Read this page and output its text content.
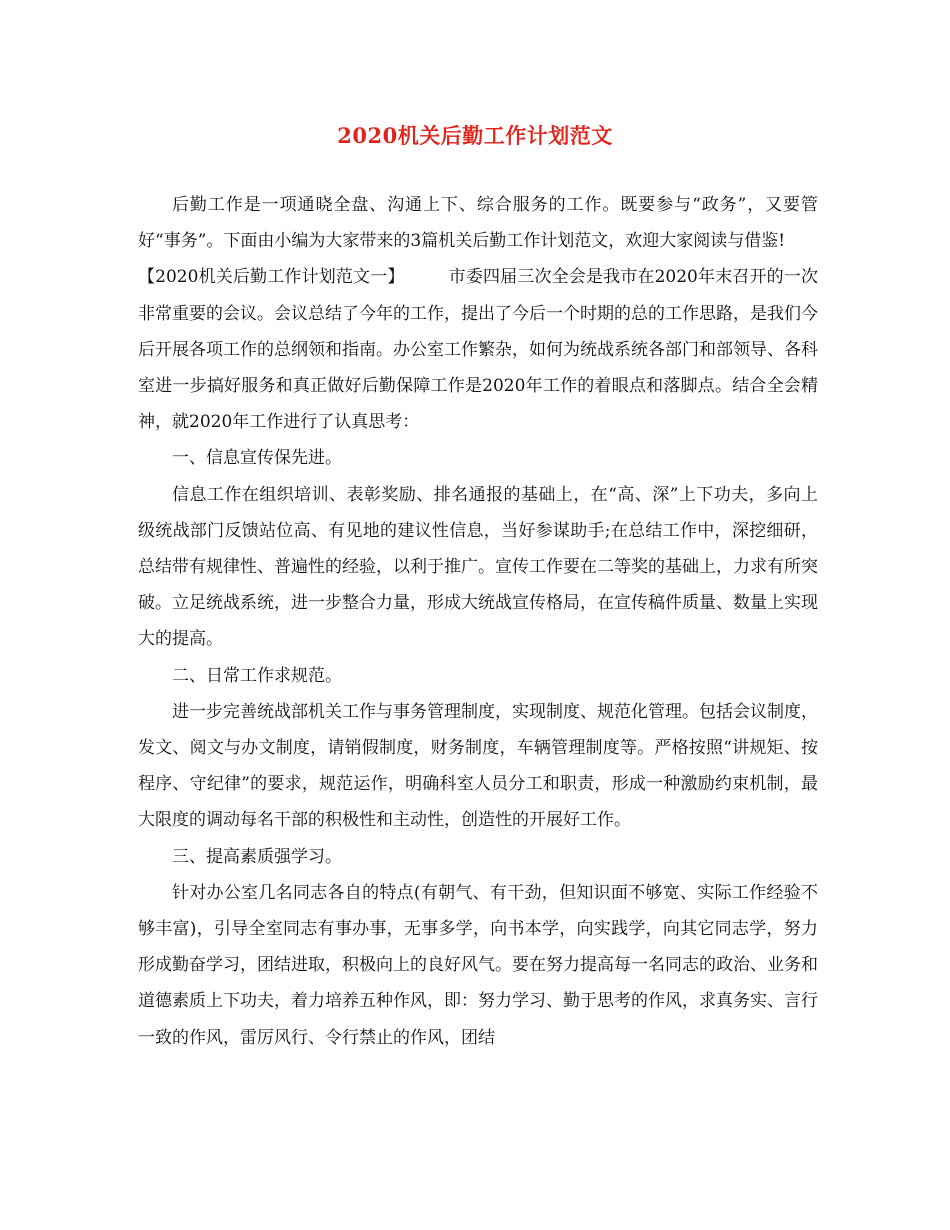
2020机关后勤工作计划范文

后勤工作是一项通晓全盘、沟通上下、综合服务的工作。既要参与“政务”，又要管好“事务”。下面由小编为大家带来的3篇机关后勤工作计划范文，欢迎大家阅读与借鉴!

【2020机关后勤工作计划范文一】	市委四届三次全会是我市在2020年末召开的一次非常重要的会议。会议总结了今年的工作，提出了今后一个时期的总的工作思路，是我们今后开展各项工作的总纲领和指南。办公室工作繁杂，如何为统战系统各部门和部领导、各科室进一步搞好服务和真正做好后勤保障工作是2020年工作的着眼点和落脚点。结合全会精神，就2020年工作进行了认真思考：

一、信息宣传保先进。

信息工作在组织培训、表彰奖励、排名通报的基础上，在“高、深”上下功夫，多向上级统战部门反馈站位高、有见地的建议性信息，当好参谋助手;在总结工作中，深挖细研，总结带有规律性、普遍性的经验，以利于推广。宣传工作要在二等奖的基础上，力求有所突破。立足统战系统，进一步整合力量，形成大统战宣传格局，在宣传稿件质量、数量上实现大的提高。

二、日常工作求规范。

进一步完善统战部机关工作与事务管理制度，实现制度、规范化管理。包括会议制度，发文、阅文与办文制度，请销假制度，财务制度，车辆管理制度等。严格按照“讲规矩、按程序、守纪律”的要求，规范运作，明确科室人员分工和职责，形成一种激励约束机制，最大限度的调动每名干部的积极性和主动性，创造性的开展好工作。

三、提高素质强学习。

针对办公室几名同志各自的特点(有朝气、有干劲，但知识面不够宽、实际工作经验不够丰富)，引导全室同志有事办事，无事多学，向书本学，向实践学，向其它同志学，努力形成勤奋学习，团结进取，积极向上的良好风气。要在努力提高每一名同志的政治、业务和道德素质上下功夫，着力培养五种作风，即：努力学习、勤于思考的作风，求真务实、言行一致的作风，雷厉风行、令行禁止的作风，团结
